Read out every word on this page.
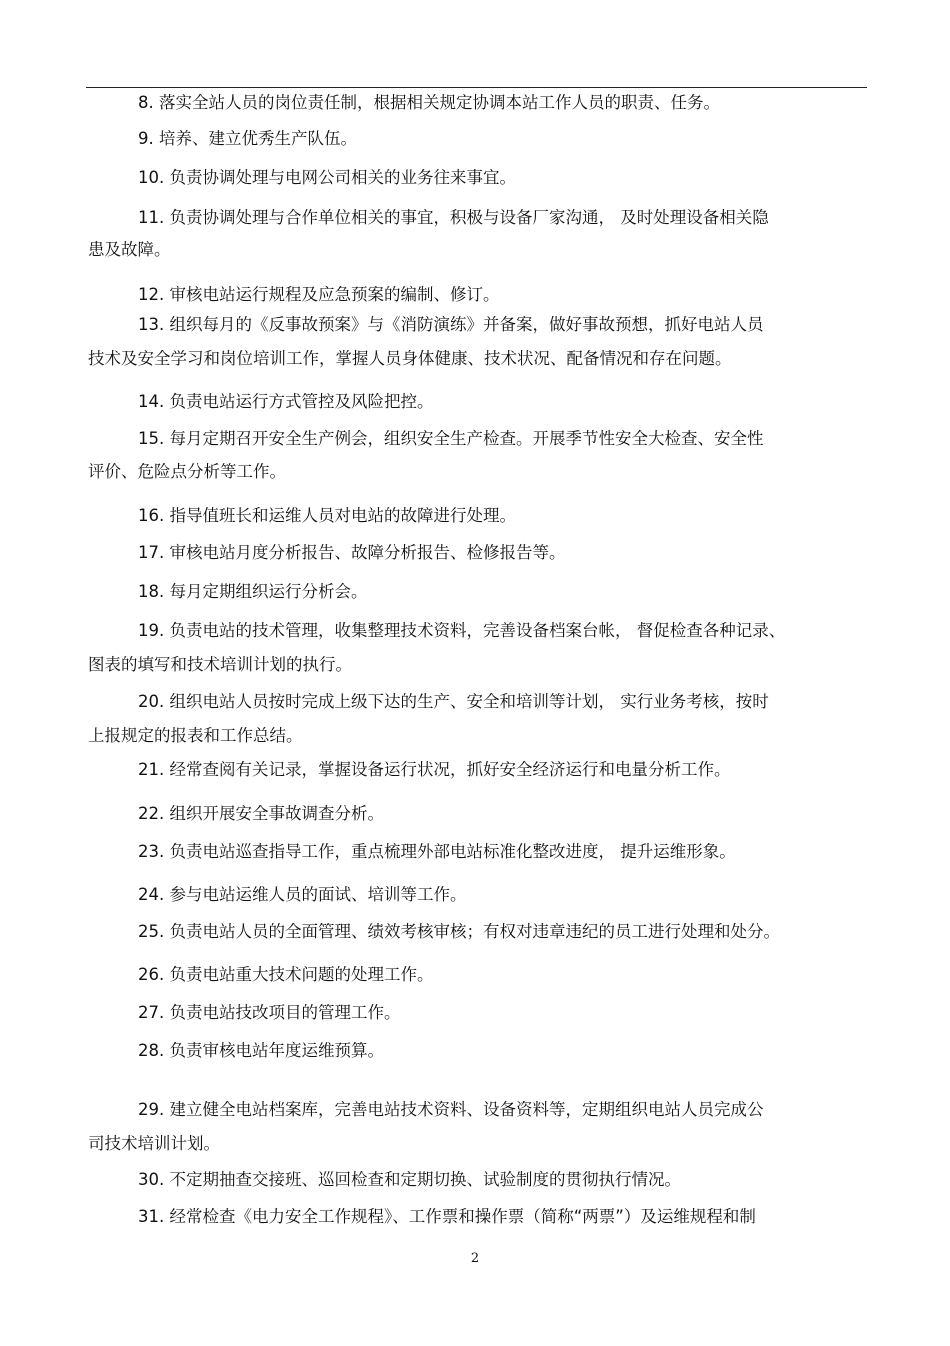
8. 落实全站人员的岗位责任制，根据相关规定协调本站工作人员的职责、任务。
9. 培养、建立优秀生产队伍。
10. 负责协调处理与电网公司相关的业务往来事宜。
11. 负责协调处理与合作单位相关的事宜，积极与设备厂家沟通， 及时处理设备相关隐
患及故障。
12. 审核电站运行规程及应急预案的编制、修订。
13. 组织每月的《反事故预案》与《消防演练》并备案，做好事故预想，抓好电站人员
技术及安全学习和岗位培训工作，掌握人员身体健康、技术状况、配备情况和存在问题。
14. 负责电站运行方式管控及风险把控。
15. 每月定期召开安全生产例会，组织安全生产检查。开展季节性安全大检查、安全性
评价、危险点分析等工作。
16. 指导值班长和运维人员对电站的故障进行处理。
17. 审核电站月度分析报告、故障分析报告、检修报告等。
18. 每月定期组织运行分析会。
19. 负责电站的技术管理，收集整理技术资料，完善设备档案台帐， 督促检查各种记录、
图表的填写和技术培训计划的执行。
20. 组织电站人员按时完成上级下达的生产、安全和培训等计划， 实行业务考核，按时
上报规定的报表和工作总结。
21. 经常查阅有关记录，掌握设备运行状况，抓好安全经济运行和电量分析工作。
22. 组织开展安全事故调查分析。
23. 负责电站巡查指导工作，重点梳理外部电站标准化整改进度， 提升运维形象。
24. 参与电站运维人员的面试、培训等工作。
25. 负责电站人员的全面管理、绩效考核审核；有权对违章违纪的员工进行处理和处分。
26. 负责电站重大技术问题的处理工作。
27. 负责电站技改项目的管理工作。
28. 负责审核电站年度运维预算。
29. 建立健全电站档案库，完善电站技术资料、设备资料等，定期组织电站人员完成公
司技术培训计划。
30. 不定期抽查交接班、巡回检查和定期切换、试验制度的贯彻执行情况。
31. 经常检查《电力安全工作规程》、工作票和操作票（简称“两票”）及运维规程和制
2
